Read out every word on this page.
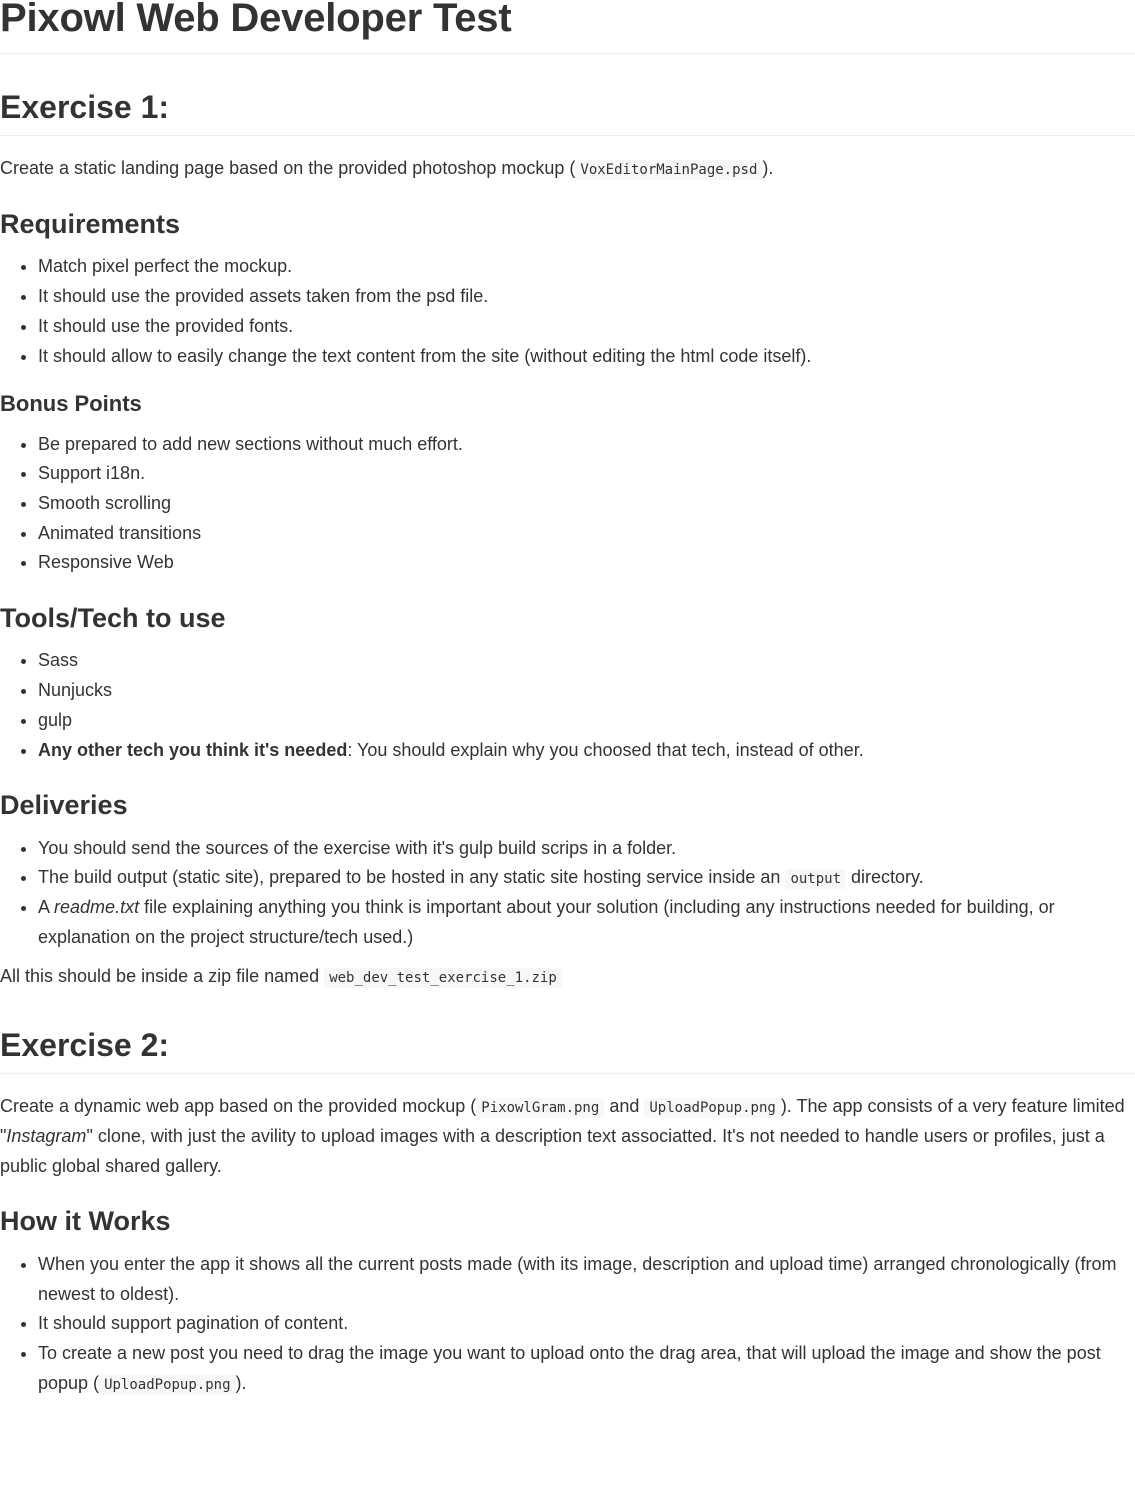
Pixowl Web Developer Test
Exercise 1:

Create a static landing page based on the provided photoshop mockup ( VoxEditorMainPage.psd ).

Requirements
• Match pixel perfect the mockup.
• It should use the provided assets taken from the psd file.
• It should use the provided fonts.
• It should allow to easily change the text content from the site (without editing the html code itself).
Bonus Points
• Be prepared to add new sections without much effort.
• Support i18n.
• Smooth scrolling
• Animated transitions
• Responsive Web
Tools/Tech to use
• Sass
• Nunjucks
• gulp
• Any other tech you think it's needed: You should explain why you choosed that tech, instead of other.
Deliveries
• You should send the sources of the exercise with it's gulp build scrips in a folder.
• The build output (static site), prepared to be hosted in any static site hosting service inside an output directory.
• A readme.txt file explaining anything you think is important about your solution (including any instructions needed for building, or explanation on the project structure/tech used.)

All this should be inside a zip file named web_dev_test_exercise_1.zip

Exercise 2:

Create a dynamic web app based on the provided mockup ( PixowlGram.png and UploadPopup.png ). The app consists of a very feature limited "Instagram" clone, with just the avility to upload images with a description text associatted. It's not needed to handle users or profiles, just a public global shared gallery.

How it Works
• When you enter the app it shows all the current posts made (with its image, description and upload time) arranged chronologically (from newest to oldest).
• It should support pagination of content.
• To create a new post you need to drag the image you want to upload onto the drag area, that will upload the image and show the post popup ( UploadPopup.png ).
